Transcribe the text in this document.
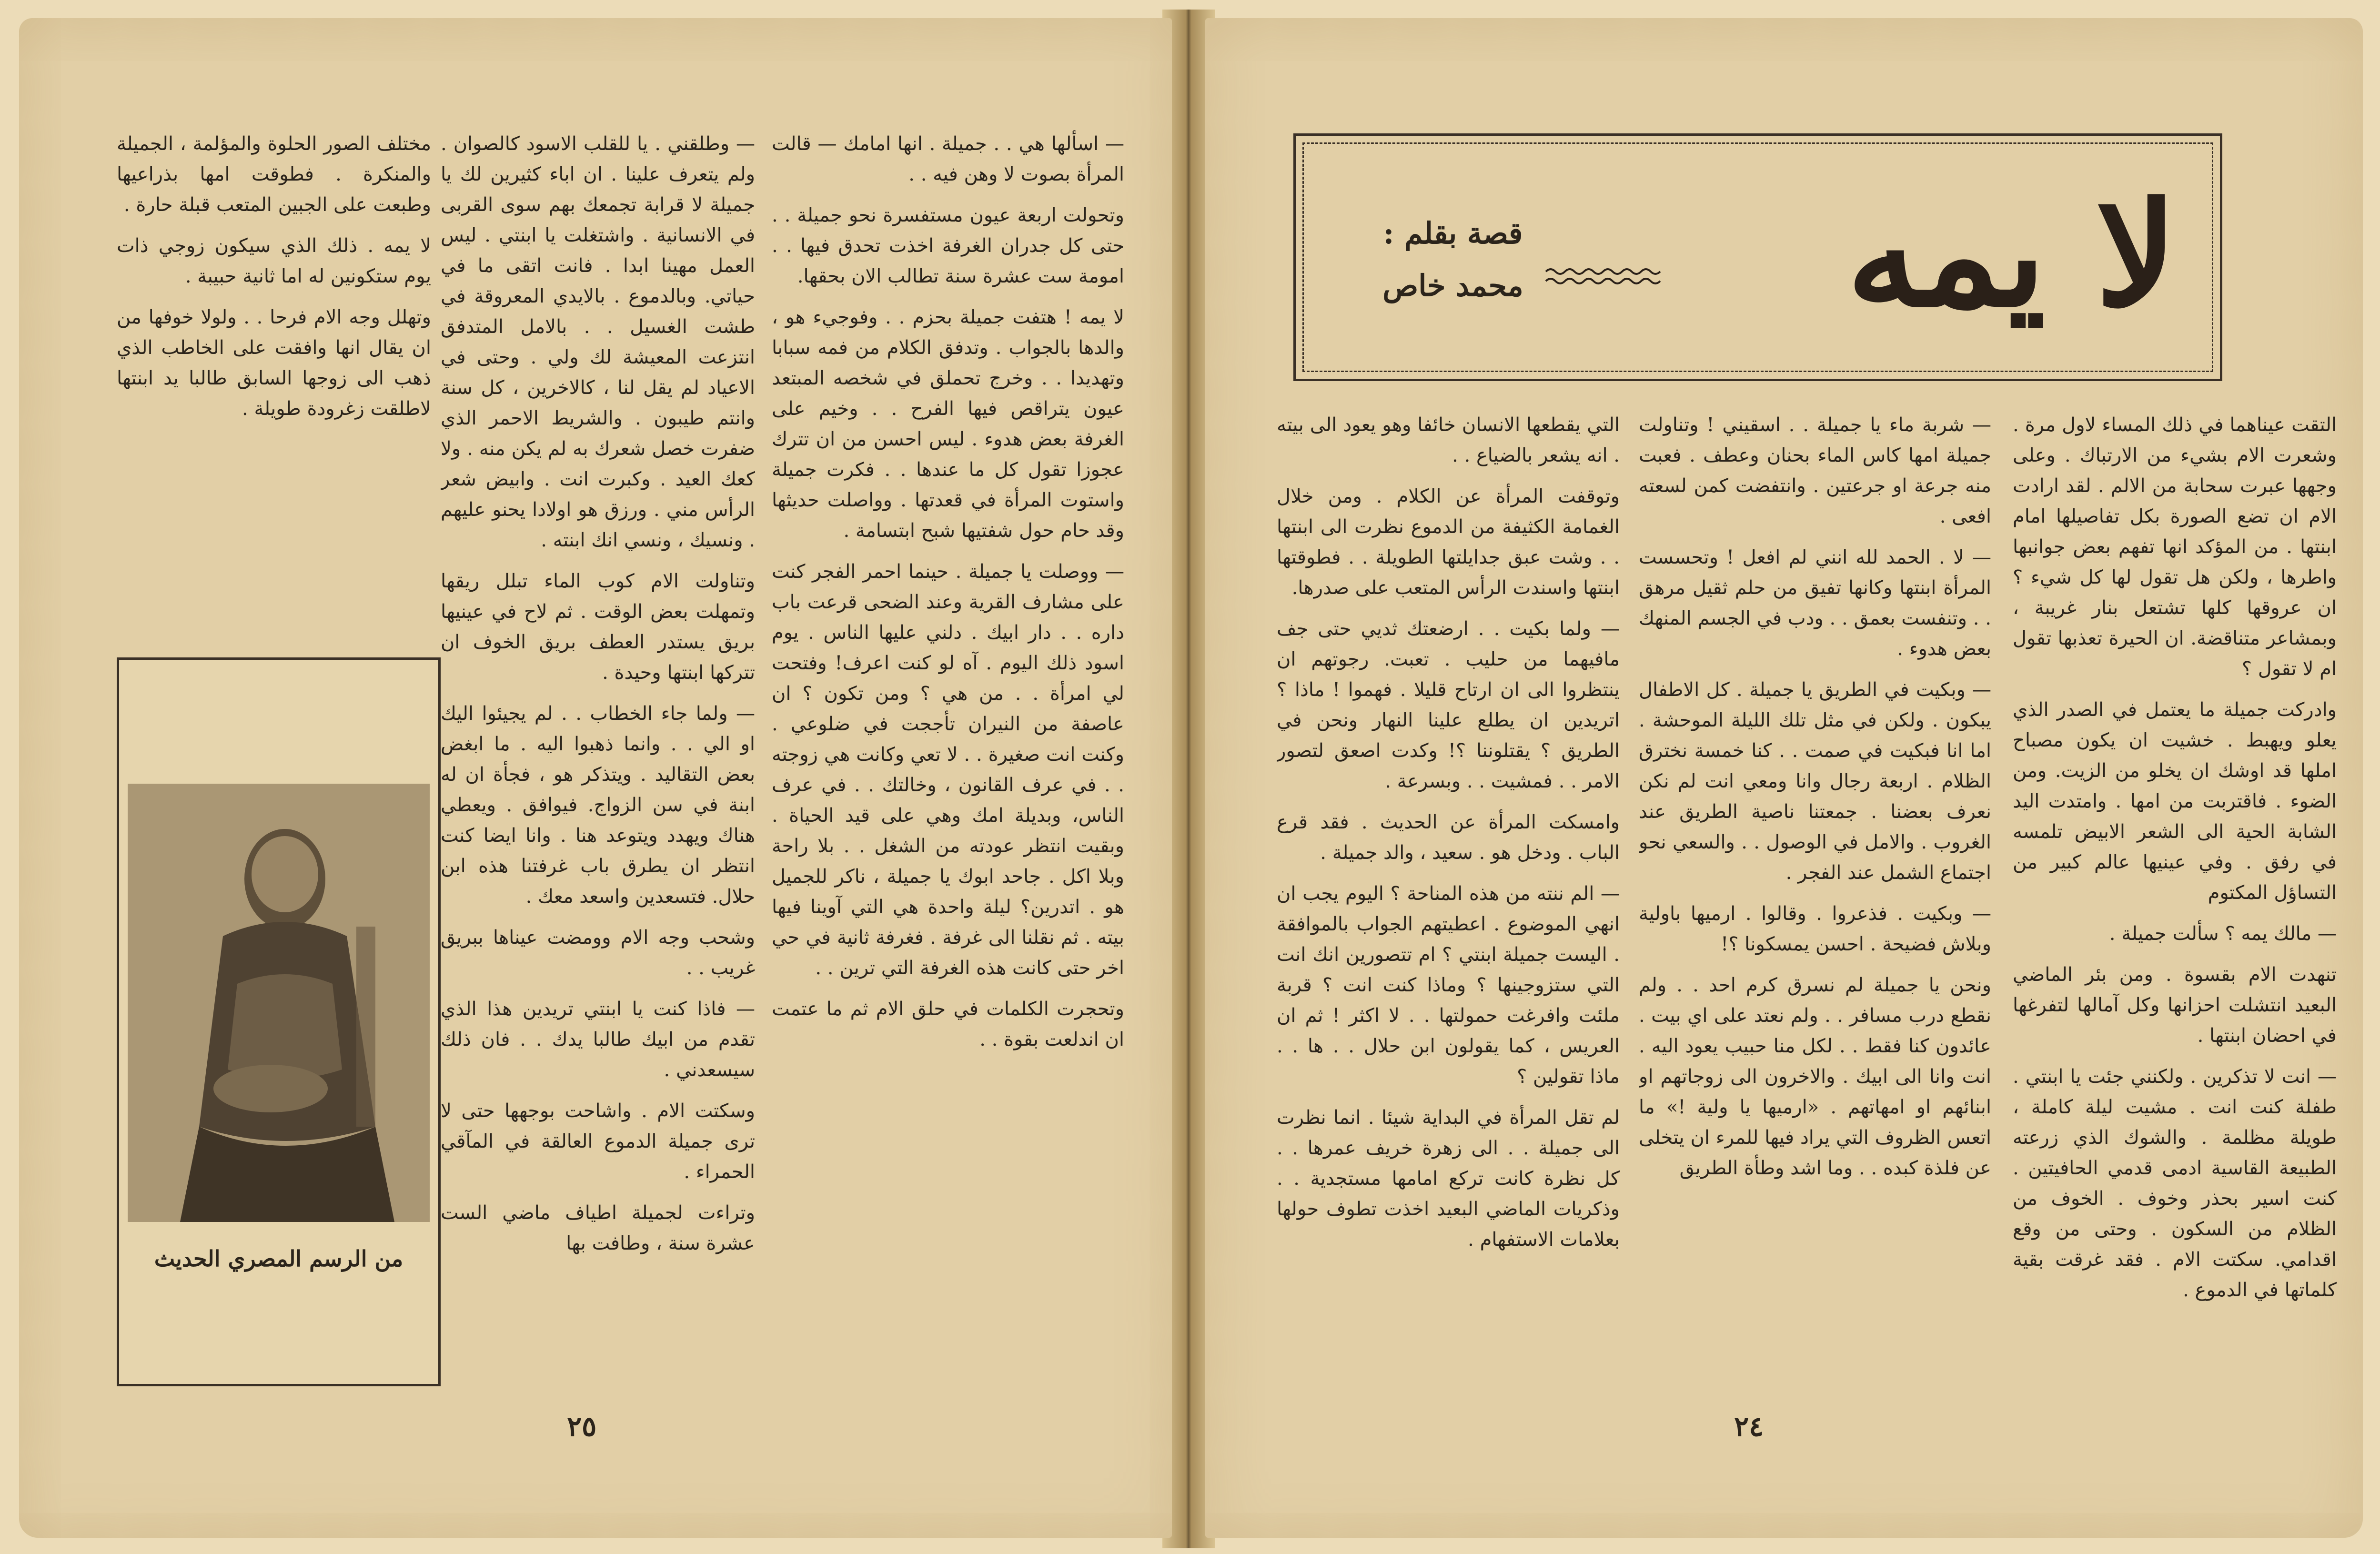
لا يمه
قصة بقلم :
محمد خاص

التقت عيناهما في ذلك المساء لاول مرة . وشعرت الام بشيء من الارتباك . وعلى وجهها عبرت سحابة من الالم . لقد ارادت الام ان تضع الصورة بكل تفاصيلها امام ابنتها . من المؤكد انها تفهم بعض جوانبها واطرها ، ولكن هل تقول لها كل شيء ؟ ان عروقها كلها تشتعل بنار غريبة ، وبمشاعر متناقضة. ان الحيرة تعذبها تقول ام لا تقول ؟

وادركت جميلة ما يعتمل في الصدر الذي يعلو ويهبط . خشيت ان يكون مصباح املها قد اوشك ان يخلو من الزيت. ومن الضوء . فاقتربت من امها . وامتدت اليد الشابة الحية الى الشعر الابيض تلمسه في رفق . وفي عينيها عالم كبير من التساؤل المكتوم

— مالك يمه ؟ سألت جميلة .

تنهدت الام بقسوة . ومن بئر الماضي البعيد انتشلت احزانها وكل آمالها لتفرغها في احضان ابنتها .

— انت لا تذكرين . ولكنني جئت يا ابنتي . طفلة كنت انت . مشيت ليلة كاملة ، طويلة مظلمة . والشوك الذي زرعته الطبيعة القاسية ادمى قدمي الحافيتين . كنت اسير بحذر وخوف . الخوف من الظلام من السكون . وحتى من وقع اقدامي. سكتت الام . فقد غرقت بقية كلماتها في الدموع .

— شربة ماء يا جميلة . . اسقيني ! وتناولت جميلة امها كاس الماء بحنان وعطف . فعبت منه جرعة او جرعتين . وانتفضت كمن لسعته افعى .

— لا . الحمد لله انني لم افعل ! وتحسست المرأة ابنتها وكانها تفيق من حلم ثقيل مرهق . . وتنفست بعمق . . ودب في الجسم المنهك بعض هدوء .

— وبكيت في الطريق يا جميلة . كل الاطفال يبكون . ولكن في مثل تلك الليلة الموحشة . اما انا فبكيت في صمت . . كنا خمسة نخترق الظلام . اربعة رجال وانا ومعي انت لم نكن نعرف بعضنا . جمعتنا ناصية الطريق عند الغروب . والامل في الوصول . . والسعي نحو اجتماع الشمل عند الفجر .

— وبكيت . فذعروا . وقالوا . ارميها باولية وبلاش فضيحة . احسن يمسكونا ؟!

ونحن يا جميلة لم نسرق كرم احد . . ولم نقطع درب مسافر . . ولم نعتد على اي بيت . عائدون كنا فقط . . لكل منا حبيب يعود اليه . انت وانا الى ابيك . والاخرون الى زوجاتهم او ابنائهم او امهاتهم . «ارميها يا ولية !» ما اتعس الظروف التي يراد فيها للمرء ان يتخلى عن فلذة كبده . . وما اشد وطأة الطريق

التي يقطعها الانسان خائفا وهو يعود الى بيته . انه يشعر بالضياع . .

وتوقفت المرأة عن الكلام . ومن خلال الغمامة الكثيفة من الدموع نظرت الى ابنتها . . وشت عبق جدايلتها الطويلة . . فطوقتها ابنتها واسندت الرأس المتعب على صدرها.

— ولما بكيت . . ارضعتك ثديي حتى جف مافيهما من حليب . تعبت. رجوتهم ان ينتظروا الى ان ارتاح قليلا . فهموا ! ماذا ؟ اتريدين ان يطلع علينا النهار ونحن في الطريق ؟ يقتلوننا ؟! وكدت اصعق لتصور الامر . . فمشيت . . وبسرعة .

وامسكت المرأة عن الحديث . فقد قرع الباب . ودخل هو . سعيد ، والد جميلة .

— الم ننته من هذه المناحة ؟ اليوم يجب ان انهي الموضوع . اعطيتهم الجواب بالموافقة . اليست جميلة ابنتي ؟ ام تتصورين انك انت التي ستزوجينها ؟ وماذا كنت انت ؟ قربة ملئت وافرغت حمولتها . . لا اكثر ! ثم ان العريس ، كما يقولون ابن حلال . . ها . . ماذا تقولين ؟

لم تقل المرأة في البداية شيئا . انما نظرت الى جميلة . . الى زهرة خريف عمرها . . كل نظرة كانت تركع امامها مستجدية . . وذكريات الماضي البعيد اخذت تطوف حولها بعلامات الاستفهام .

٢٤

— اسألها هي . . جميلة . انها امامك — قالت المرأة بصوت لا وهن فيه . .

وتحولت اربعة عيون مستفسرة نحو جميلة . . حتى كل جدران الغرفة اخذت تحدق فيها . . امومة ست عشرة سنة تطالب الان بحقها.

لا يمه ! هتفت جميلة بحزم . . وفوجيء هو ، والدها بالجواب . وتدفق الكلام من فمه سبابا وتهديدا . . وخرج تحملق في شخصه المبتعد عيون يتراقص فيها الفرح . . وخيم على الغرفة بعض هدوء . ليس احسن من ان تترك عجوزا تقول كل ما عندها . . فكرت جميلة واستوت المرأة في قعدتها . وواصلت حديثها وقد حام حول شفتيها شبح ابتسامة .

— ووصلت يا جميلة . حينما احمر الفجر كنت على مشارف القرية وعند الضحى قرعت باب داره . . دار ابيك . دلني عليها الناس . يوم اسود ذلك اليوم . آه لو كنت اعرف! وفتحت لي امرأة . . من هي ؟ ومن تكون ؟ ان عاصفة من النيران تأججت في ضلوعي . وكنت انت صغيرة . . لا تعي وكانت هي زوجته . . في عرف القانون ، وخالتك . . في عرف الناس، وبديلة امك وهي على قيد الحياة . وبقيت انتظر عودته من الشغل . . بلا راحة وبلا اكل . جاحد ابوك يا جميلة ، ناكر للجميل هو . اتدرين؟ ليلة واحدة هي التي آوينا فيها بيته . ثم نقلنا الى غرفة . فغرفة ثانية في حي اخر حتى كانت هذه الغرفة التي ترين . .

وتحجرت الكلمات في حلق الام ثم ما عتمت ان اندلعت بقوة . .

— وطلقني . يا للقلب الاسود كالصوان . ولم يتعرف علينا . ان اباء كثيرين لك يا جميلة لا قرابة تجمعك بهم سوى القربى في الانسانية . واشتغلت يا ابنتي . ليس العمل مهينا ابدا . فانت اتقى ما في حياتي. وبالدموع . بالايدي المعروقة في طشت الغسيل . . بالامل المتدفق انتزعت المعيشة لك ولي . وحتى في الاعياد لم يقل لنا ، كالاخرين ، كل سنة وانتم طيبون . والشريط الاحمر الذي ضفرت خصل شعرك به لم يكن منه . ولا كعك العيد . وكبرت انت . وابيض شعر الرأس مني . ورزق هو اولادا يحنو عليهم . ونسيك ، ونسي انك ابنته .

وتناولت الام كوب الماء تبلل ريقها وتمهلت بعض الوقت . ثم لاح في عينيها بريق يستدر العطف بريق الخوف ان تتركها ابنتها وحيدة .

— ولما جاء الخطاب . . لم يجيئوا اليك او الي . . وانما ذهبوا اليه . ما ابغض بعض التقاليد . ويتذكر هو ، فجأة ان له ابنة في سن الزواج. فيوافق . ويعطي هناك ويهدد ويتوعد هنا . وانا ايضا كنت انتظر ان يطرق باب غرفتنا هذه ابن حلال. فتسعدين واسعد معك .

وشحب وجه الام وومضت عيناها ببريق غريب . .

— فاذا كنت يا ابنتي تريدين هذا الذي تقدم من ابيك طالبا يدك . . فان ذلك سيسعدني .

وسكتت الام . واشاحت بوجهها حتى لا ترى جميلة الدموع العالقة في المآقي الحمراء .

وتراءت لجميلة اطياف ماضي الست عشرة سنة ، وطافت بها

مختلف الصور الحلوة والمؤلمة ، الجميلة والمنكرة . فطوقت امها بذراعيها وطبعت على الجبين المتعب قبلة حارة .

لا يمه . ذلك الذي سيكون زوجي ذات يوم ستكونين له اما ثانية حبيبة .

وتهلل وجه الام فرحا . . ولولا خوفها من ان يقال انها وافقت على الخاطب الذي ذهب الى زوجها السابق طالبا يد ابنتها لاطلقت زغرودة طويلة .

من الرسم المصري الحديث
٢٥
